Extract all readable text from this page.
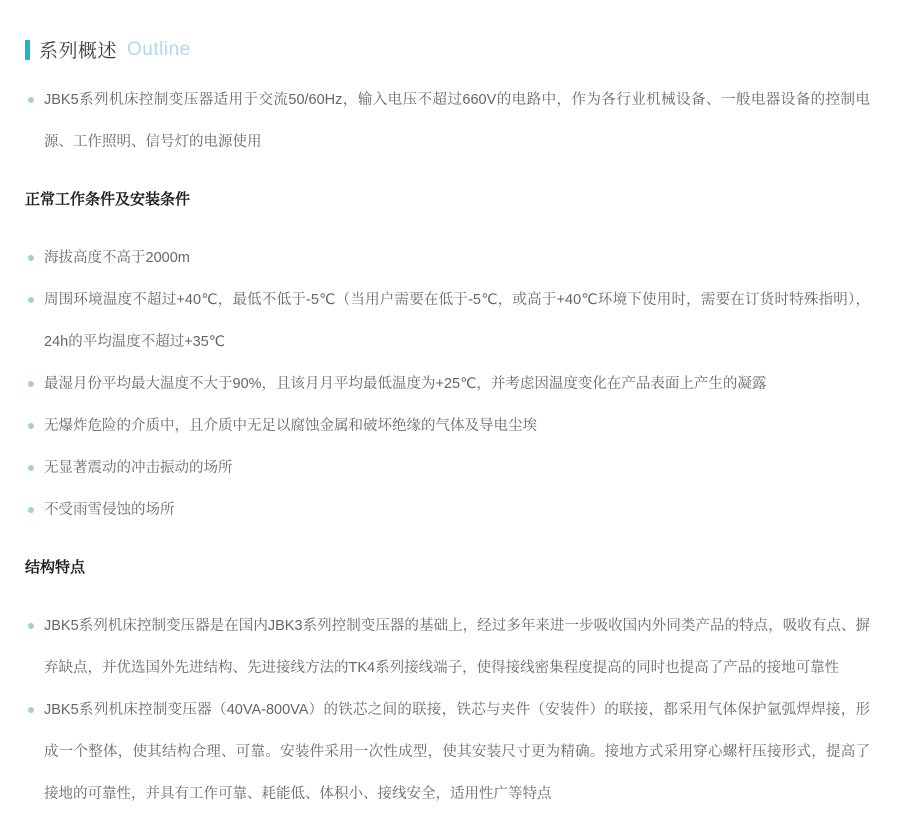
系列概述 Outline
JBK5系列机床控制变压器适用于交流50/60Hz，输入电压不超过660V的电路中，作为各行业机械设备、一般电器设备的控制电源、工作照明、信号灯的电源使用
正常工作条件及安装条件
海拔高度不高于2000m
周围环境温度不超过+40℃，最低不低于-5℃（当用户需要在低于-5℃，或高于+40℃环境下使用时，需要在订货时特殊指明），24h的平均温度不超过+35℃
最湿月份平均最大温度不大于90%，且该月月平均最低温度为+25℃，并考虑因温度变化在产品表面上产生的凝露
无爆炸危险的介质中，且介质中无足以腐蚀金属和破坏绝缘的气体及导电尘埃
无显著震动的冲击振动的场所
不受雨雪侵蚀的场所
结构特点
JBK5系列机床控制变压器是在国内JBK3系列控制变压器的基础上，经过多年来进一步吸收国内外同类产品的特点，吸收有点、摒弃缺点，并优选国外先进结构、先进接线方法的TK4系列接线端子，使得接线密集程度提高的同时也提高了产品的接地可靠性
JBK5系列机床控制变压器（40VA-800VA）的铁芯之间的联接，铁芯与夹件（安装件）的联接，都采用气体保护氩弧焊焊接，形成一个整体，使其结构合理、可靠。安装件采用一次性成型，使其安装尺寸更为精确。接地方式采用穿心螺杆压接形式，提高了接地的可靠性，并具有工作可靠、耗能低、体积小、接线安全，适用性广等特点
